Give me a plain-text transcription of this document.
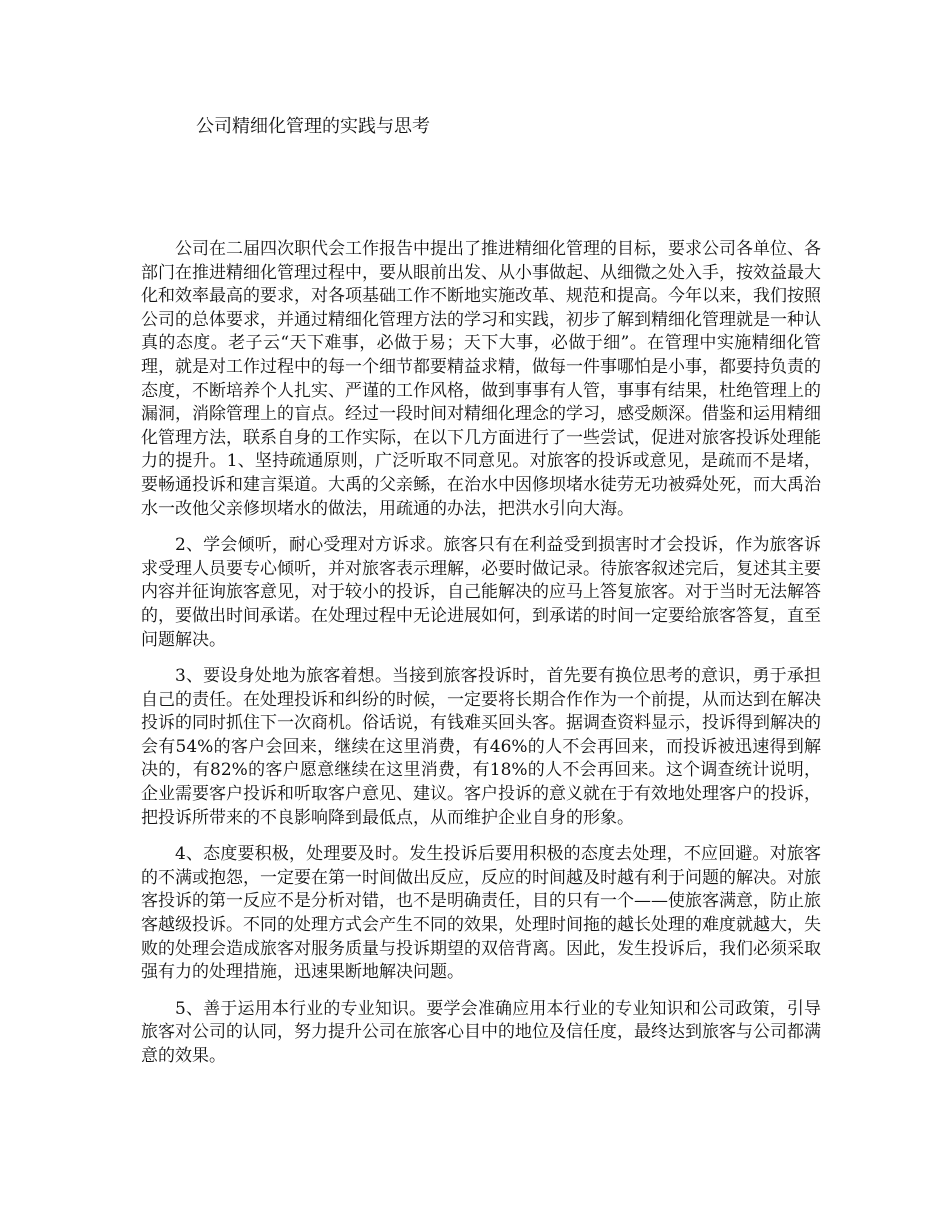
公司精细化管理的实践与思考

公司在二届四次职代会工作报告中提出了推进精细化管理的目标，要求公司各单位、各部门在推进精细化管理过程中，要从眼前出发、从小事做起、从细微之处入手，按效益最大化和效率最高的要求，对各项基础工作不断地实施改革、规范和提高。今年以来，我们按照公司的总体要求，并通过精细化管理方法的学习和实践，初步了解到精细化管理就是一种认真的态度。老子云“天下难事，必做于易；天下大事，必做于细”。在管理中实施精细化管理，就是对工作过程中的每一个细节都要精益求精，做每一件事哪怕是小事，都要持负责的态度，不断培养个人扎实、严谨的工作风格，做到事事有人管，事事有结果，杜绝管理上的漏洞，消除管理上的盲点。经过一段时间对精细化理念的学习，感受颇深。借鉴和运用精细化管理方法，联系自身的工作实际，在以下几方面进行了一些尝试，促进对旅客投诉处理能力的提升。1、坚持疏通原则，广泛听取不同意见。对旅客的投诉或意见，是疏而不是堵，要畅通投诉和建言渠道。大禹的父亲鲧，在治水中因修坝堵水徒劳无功被舜处死，而大禹治水一改他父亲修坝堵水的做法，用疏通的办法，把洪水引向大海。

2、学会倾听，耐心受理对方诉求。旅客只有在利益受到损害时才会投诉，作为旅客诉求受理人员要专心倾听，并对旅客表示理解，必要时做记录。待旅客叙述完后，复述其主要内容并征询旅客意见，对于较小的投诉，自己能解决的应马上答复旅客。对于当时无法解答的，要做出时间承诺。在处理过程中无论进展如何，到承诺的时间一定要给旅客答复，直至问题解决。

3、要设身处地为旅客着想。当接到旅客投诉时，首先要有换位思考的意识，勇于承担自己的责任。在处理投诉和纠纷的时候，一定要将长期合作作为一个前提，从而达到在解决投诉的同时抓住下一次商机。俗话说，有钱难买回头客。据调查资料显示，投诉得到解决的会有54%的客户会回来，继续在这里消费，有46%的人不会再回来，而投诉被迅速得到解决的，有82%的客户愿意继续在这里消费，有18%的人不会再回来。这个调查统计说明，企业需要客户投诉和听取客户意见、建议。客户投诉的意义就在于有效地处理客户的投诉，把投诉所带来的不良影响降到最低点，从而维护企业自身的形象。

4、态度要积极，处理要及时。发生投诉后要用积极的态度去处理，不应回避。对旅客的不满或抱怨，一定要在第一时间做出反应，反应的时间越及时越有利于问题的解决。对旅客投诉的第一反应不是分析对错，也不是明确责任，目的只有一个——使旅客满意，防止旅客越级投诉。不同的处理方式会产生不同的效果，处理时间拖的越长处理的难度就越大，失败的处理会造成旅客对服务质量与投诉期望的双倍背离。因此，发生投诉后，我们必须采取强有力的处理措施，迅速果断地解决问题。

5、善于运用本行业的专业知识。要学会准确应用本行业的专业知识和公司政策，引导旅客对公司的认同，努力提升公司在旅客心目中的地位及信任度，最终达到旅客与公司都满意的效果。
